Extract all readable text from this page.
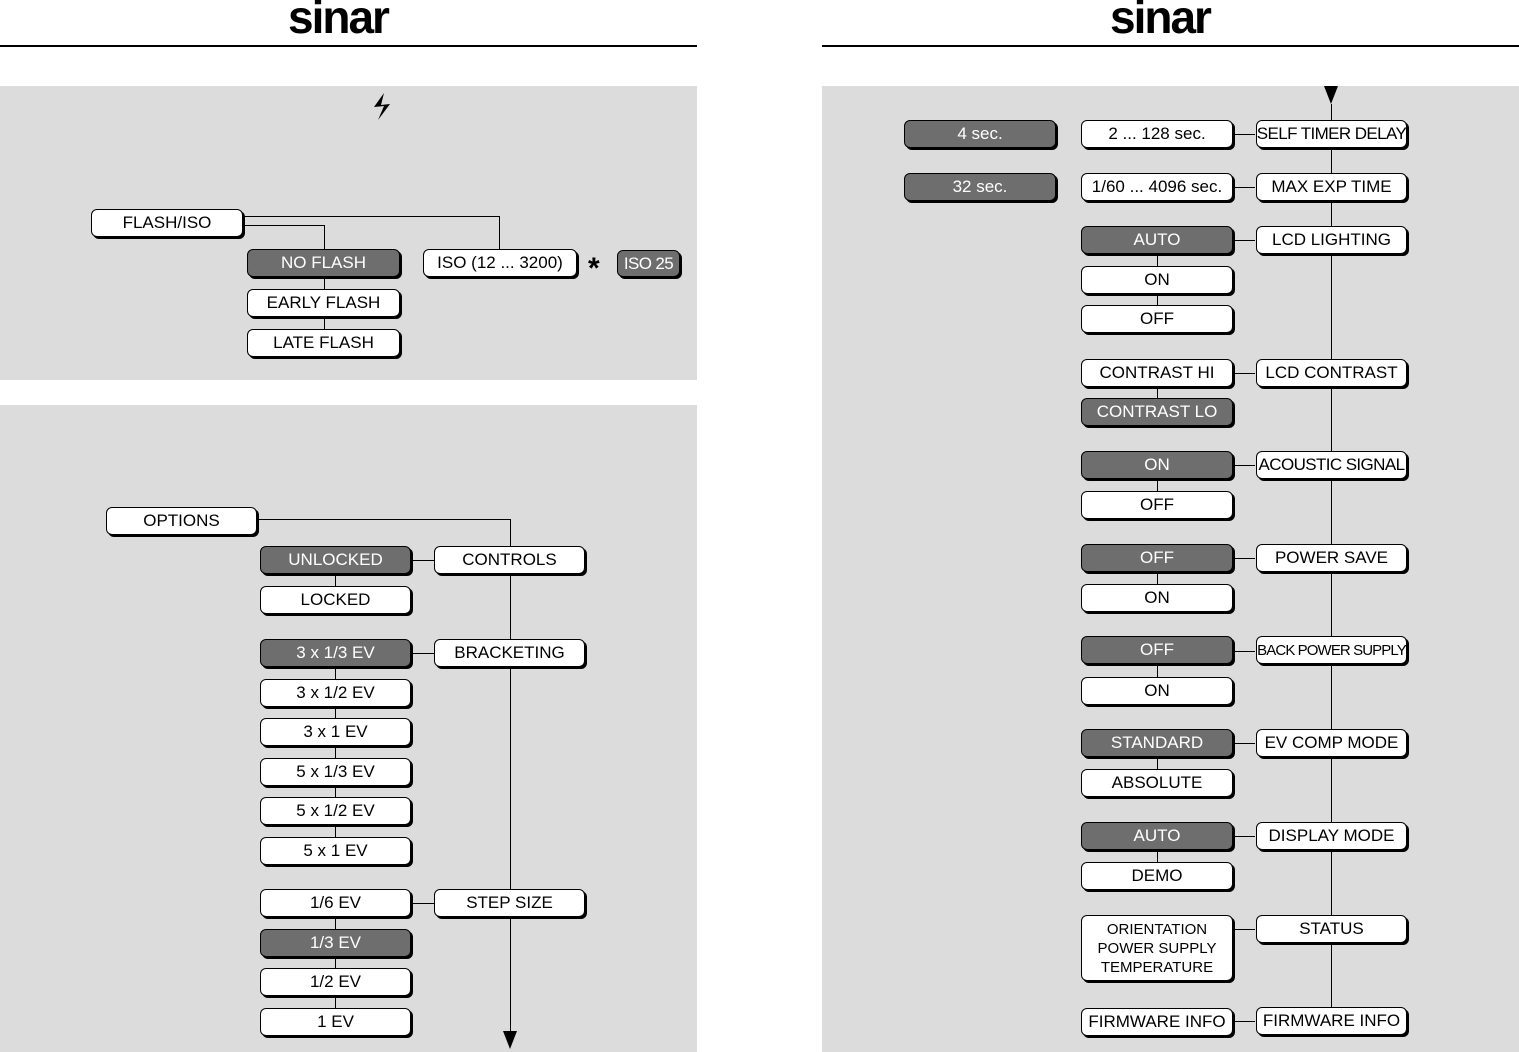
sinar	sinar
FLASH/ISO
NO FLASH
EARLY FLASH
LATE FLASH
ISO (12 ... 3200) *	ISO 25
OPTIONS
CONTROLS
UNLOCKED
LOCKED
BRACKETING
3 x 1/3 EV
3 x 1/2 EV
3 x 1 EV
5 x 1/3 EV
5 x 1/2 EV
5 x 1 EV
STEP SIZE
1/6 EV
1/3 EV
1/2 EV
1 EV
4 sec.
32 sec.
2 ... 128 sec.
1/60 ... 4096 sec.
AUTO
ON
OFF
CONTRAST HI
CONTRAST LO
ON
OFF
OFF
ON
OFF
ON
STANDARD
ABSOLUTE
AUTO
DEMO
ORIENTATION
POWER SUPPLY
TEMPERATURE
FIRMWARE INFO
SELF TIMER DELAY
MAX EXP TIME
LCD LIGHTING
LCD CONTRAST
ACOUSTIC SIGNAL
POWER SAVE
BACK POWER SUPPLY
EV COMP MODE
DISPLAY MODE
STATUS
FIRMWARE INFO
